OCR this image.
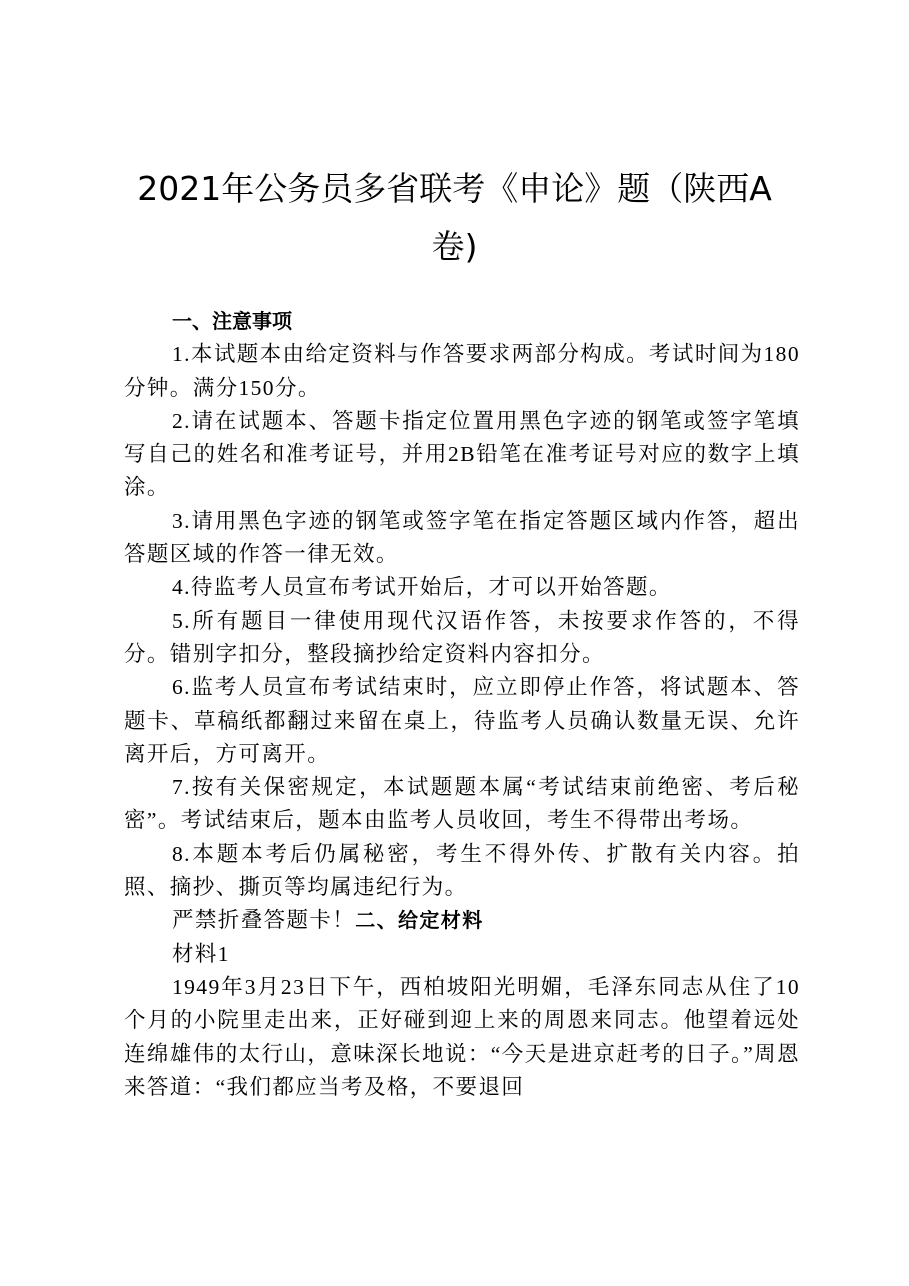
2021年公务员多省联考《申论》题（陕西A
卷)

一、注意事项

1.本试题本由给定资料与作答要求两部分构成。考试时间为180分钟。满分150分。

2.请在试题本、答题卡指定位置用黑色字迹的钢笔或签字笔填写自己的姓名和准考证号，并用2B铅笔在准考证号对应的数字上填涂。

3.请用黑色字迹的钢笔或签字笔在指定答题区域内作答，超出答题区域的作答一律无效。

4.待监考人员宣布考试开始后，才可以开始答题。

5.所有题目一律使用现代汉语作答，未按要求作答的，不得分。错别字扣分，整段摘抄给定资料内容扣分。

6.监考人员宣布考试结束时，应立即停止作答，将试题本、答题卡、草稿纸都翻过来留在桌上，待监考人员确认数量无误、允许离开后，方可离开。

7.按有关保密规定，本试题题本属“考试结束前绝密、考后秘密”。考试结束后，题本由监考人员收回，考生不得带出考场。

8.本题本考后仍属秘密，考生不得外传、扩散有关内容。拍照、摘抄、撕页等均属违纪行为。

严禁折叠答题卡！二、给定材料

材料1

1949年3月23日下午，西柏坡阳光明媚，毛泽东同志从住了10个月的小院里走出来，正好碰到迎上来的周恩来同志。他望着远处连绵雄伟的太行山，意味深长地说：“今天是进京赶考的日子。”周恩来答道：“我们都应当考及格，不要退回
